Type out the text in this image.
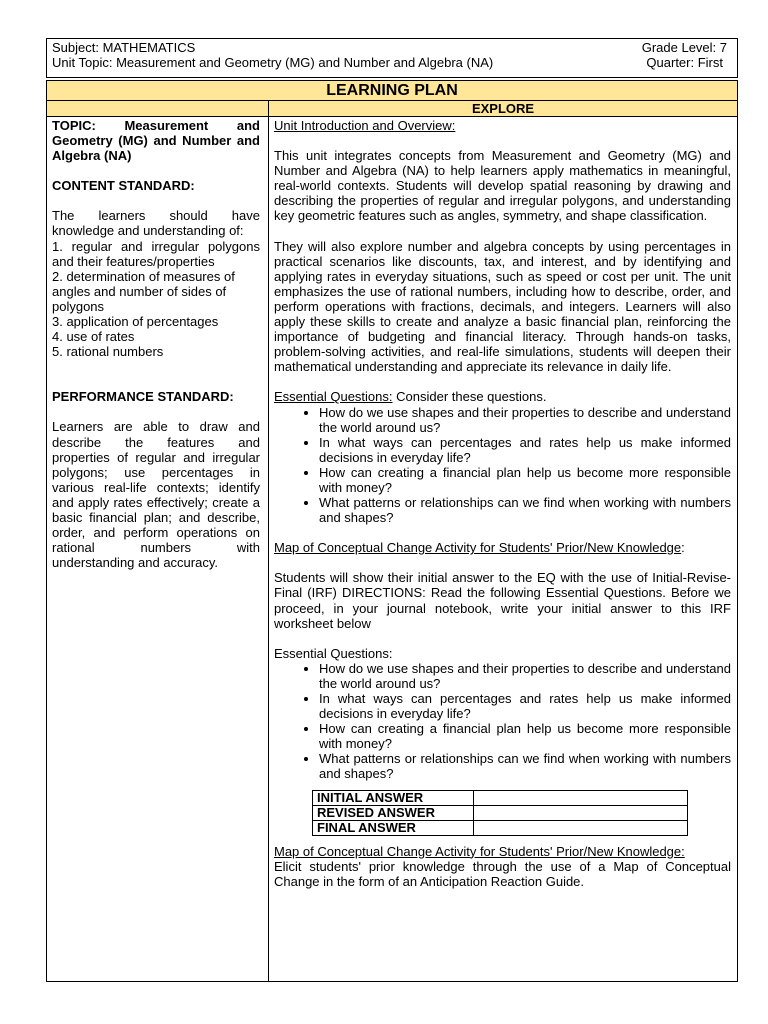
Subject: MATHEMATICS
Unit Topic: Measurement and Geometry (MG) and Number and Algebra (NA)
Grade Level: 7
Quarter: First
LEARNING PLAN
EXPLORE

TOPIC: Measurement and Geometry (MG) and Number and Algebra (NA)

CONTENT STANDARD:

The learners should have knowledge and understanding of:

1. regular and irregular polygons and their features/properties

2. determination of measures of angles and number of sides of polygons

3. application of percentages

4. use of rates

5. rational numbers

PERFORMANCE STANDARD:

Learners are able to draw and describe the features and properties of regular and irregular polygons; use percentages in various real-life contexts; identify and apply rates effectively; create a basic financial plan; and describe, order, and perform operations on rational numbers with understanding and accuracy.

Unit Introduction and Overview:

This unit integrates concepts from Measurement and Geometry (MG) and Number and Algebra (NA) to help learners apply mathematics in meaningful, real-world contexts. Students will develop spatial reasoning by drawing and describing the properties of regular and irregular polygons, and understanding key geometric features such as angles, symmetry, and shape classification.

They will also explore number and algebra concepts by using percentages in practical scenarios like discounts, tax, and interest, and by identifying and applying rates in everyday situations, such as speed or cost per unit. The unit emphasizes the use of rational numbers, including how to describe, order, and perform operations with fractions, decimals, and integers. Learners will also apply these skills to create and analyze a basic financial plan, reinforcing the importance of budgeting and financial literacy. Through hands-on tasks, problem-solving activities, and real-life simulations, students will deepen their mathematical understanding and appreciate its relevance in daily life.

Essential Questions: Consider these questions.

• How do we use shapes and their properties to describe and understand the world around us?
• In what ways can percentages and rates help us make informed decisions in everyday life?
• How can creating a financial plan help us become more responsible with money?
• What patterns or relationships can we find when working with numbers and shapes?

Map of Conceptual Change Activity for Students' Prior/New Knowledge:

Students will show their initial answer to the EQ with the use of Initial-Revise-Final (IRF) DIRECTIONS: Read the following Essential Questions. Before we proceed, in your journal notebook, write your initial answer to this IRF worksheet below

Essential Questions:

• How do we use shapes and their properties to describe and understand the world around us?
• In what ways can percentages and rates help us make informed decisions in everyday life?
• How can creating a financial plan help us become more responsible with money?
• What patterns or relationships can we find when working with numbers and shapes?
INITIAL ANSWER	
REVISED ANSWER	
FINAL ANSWER	

Map of Conceptual Change Activity for Students' Prior/New Knowledge:

Elicit students' prior knowledge through the use of a Map of Conceptual Change in the form of an Anticipation Reaction Guide.
